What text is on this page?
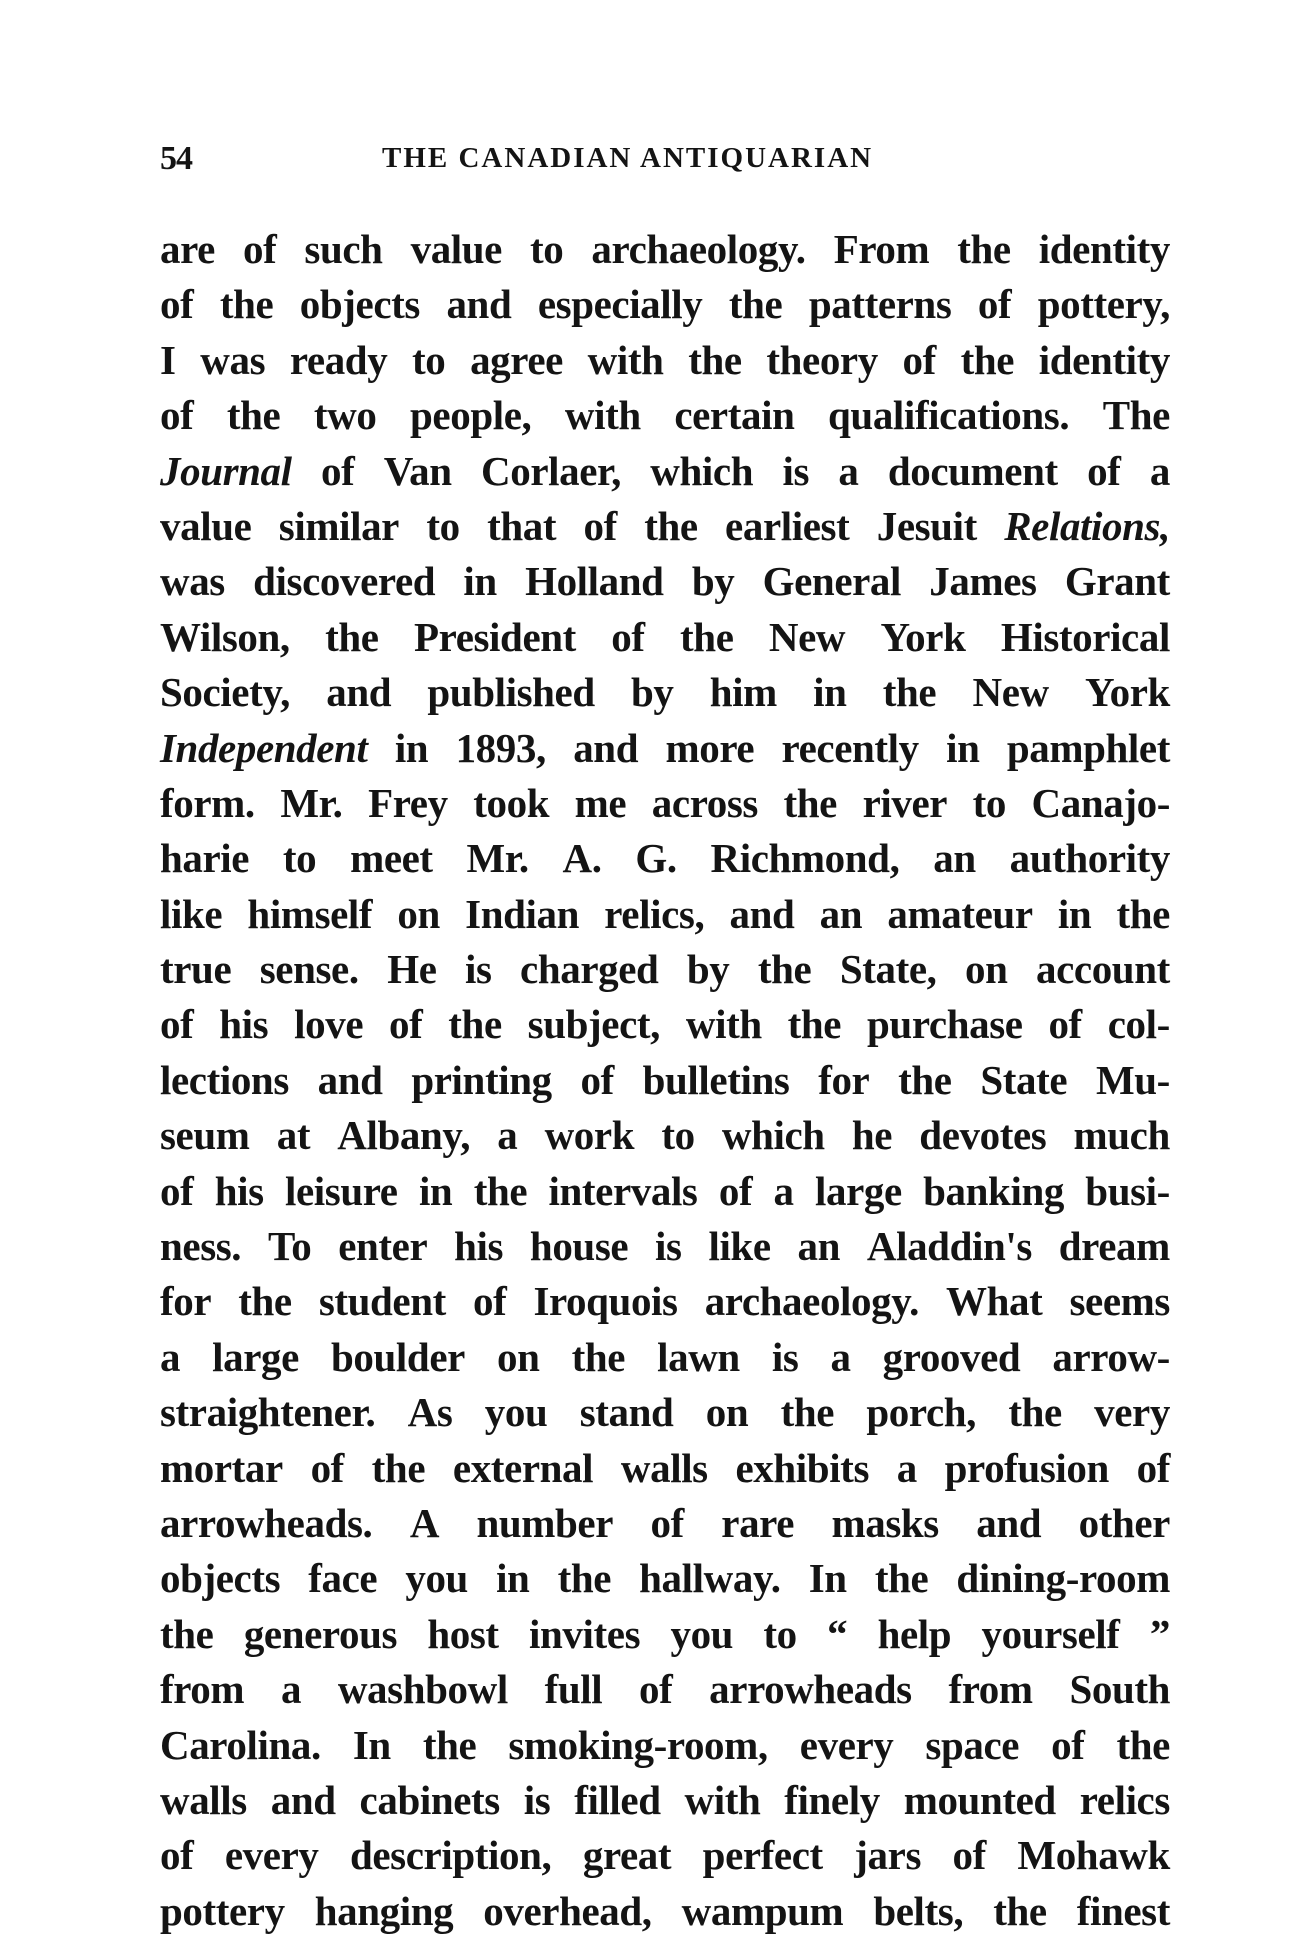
54	THE CANADIAN ANTIQUARIAN
are of such value to archaeology. From the identity
of the objects and especially the patterns of pottery,
I was ready to agree with the theory of the identity
of the two people, with certain qualifications. The
Journal of Van Corlaer, which is a document of a
value similar to that of the earliest Jesuit Relations,
was discovered in Holland by General James Grant
Wilson, the President of the New York Historical
Society, and published by him in the New York
Independent in 1893, and more recently in pamphlet
form. Mr. Frey took me across the river to Canajo-
harie to meet Mr. A. G. Richmond, an authority
like himself on Indian relics, and an amateur in the
true sense. He is charged by the State, on account
of his love of the subject, with the purchase of col-
lections and printing of bulletins for the State Mu-
seum at Albany, a work to which he devotes much
of his leisure in the intervals of a large banking busi-
ness. To enter his house is like an Aladdin's dream
for the student of Iroquois archaeology. What seems
a large boulder on the lawn is a grooved arrow-
straightener. As you stand on the porch, the very
mortar of the external walls exhibits a profusion of
arrowheads. A number of rare masks and other
objects face you in the hallway. In the dining-room
the generous host invites you to “ help yourself ”
from a washbowl full of arrowheads from South
Carolina. In the smoking-room, every space of the
walls and cabinets is filled with finely mounted relics
of every description, great perfect jars of Mohawk
pottery hanging overhead, wampum belts, the finest
